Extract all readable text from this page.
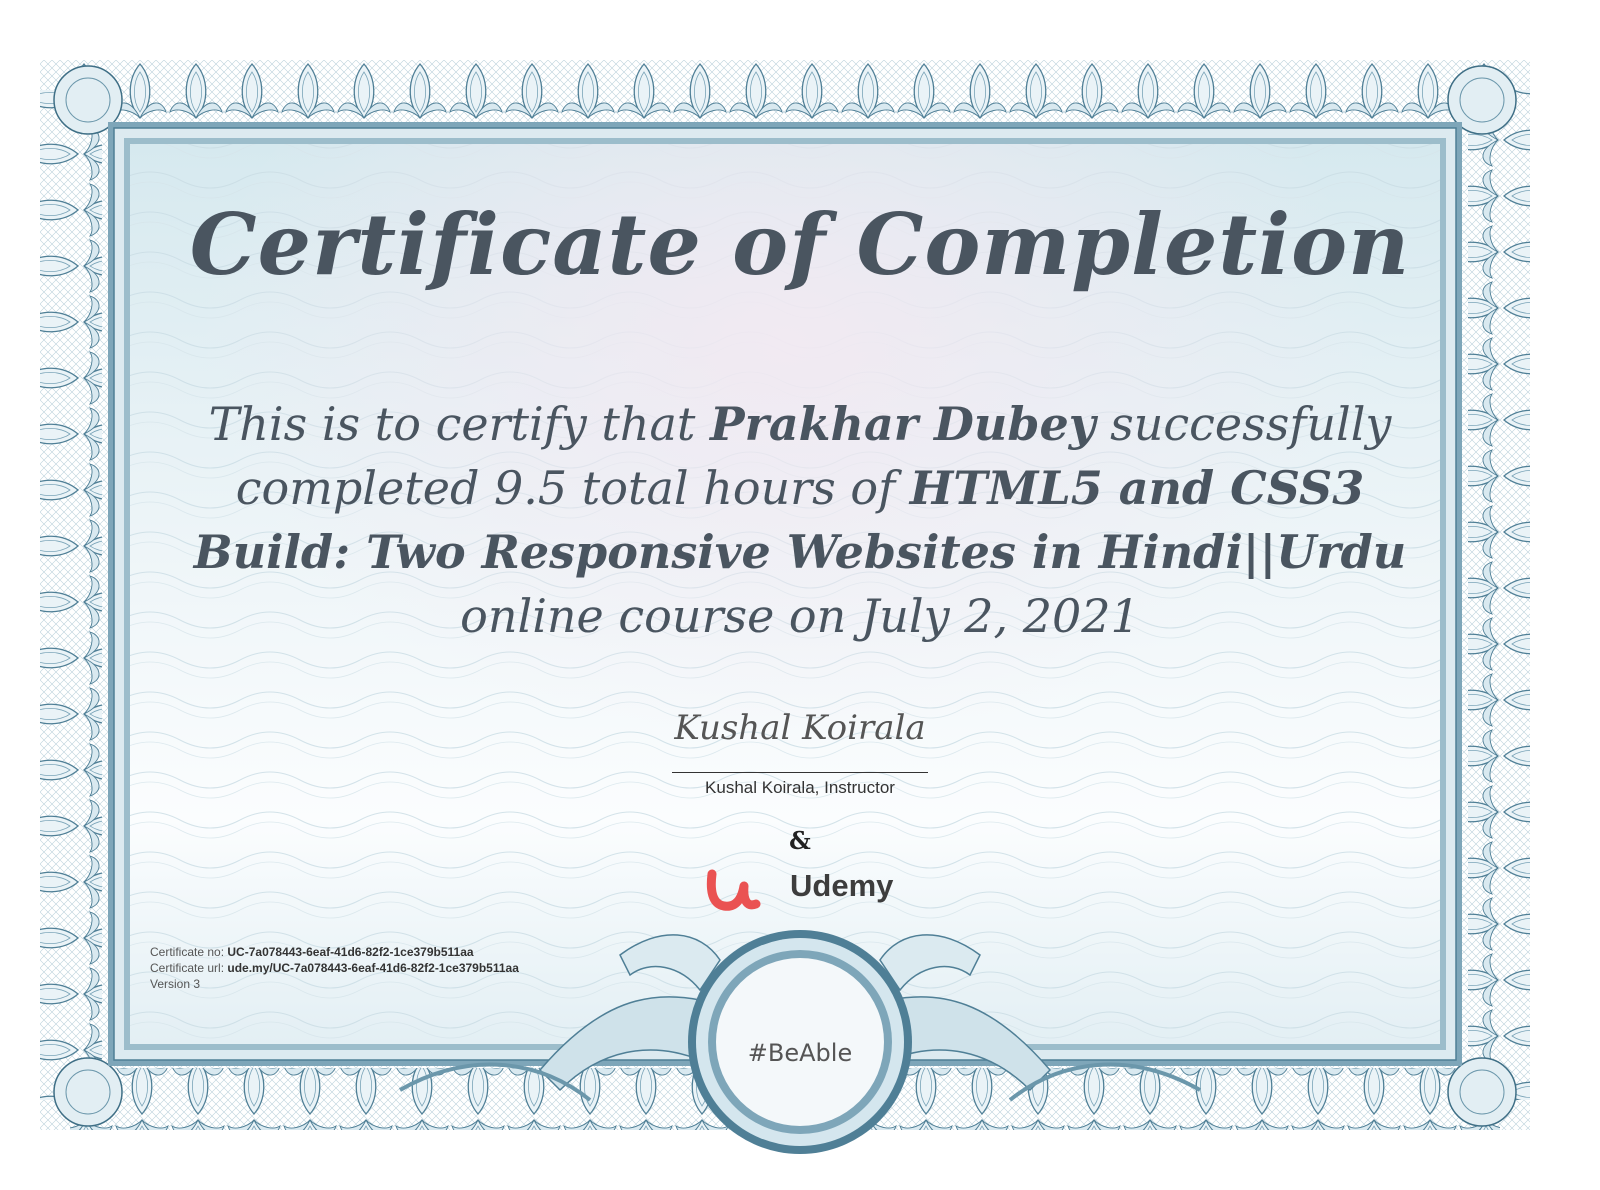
Certificate of Completion
This is to certify that Prakhar Dubey successfully completed 9.5 total hours of HTML5 and CSS3 Build: Two Responsive Websites in Hindi||Urdu
online course on July 2, 2021
Kushal Koirala
Kushal Koirala, Instructor
&
Udemy
Certificate no: UC-7a078443-6eaf-41d6-82f2-1ce379b511aa
Certificate url: ude.my/UC-7a078443-6eaf-41d6-82f2-1ce379b511aa
Version 3
#BeAble
